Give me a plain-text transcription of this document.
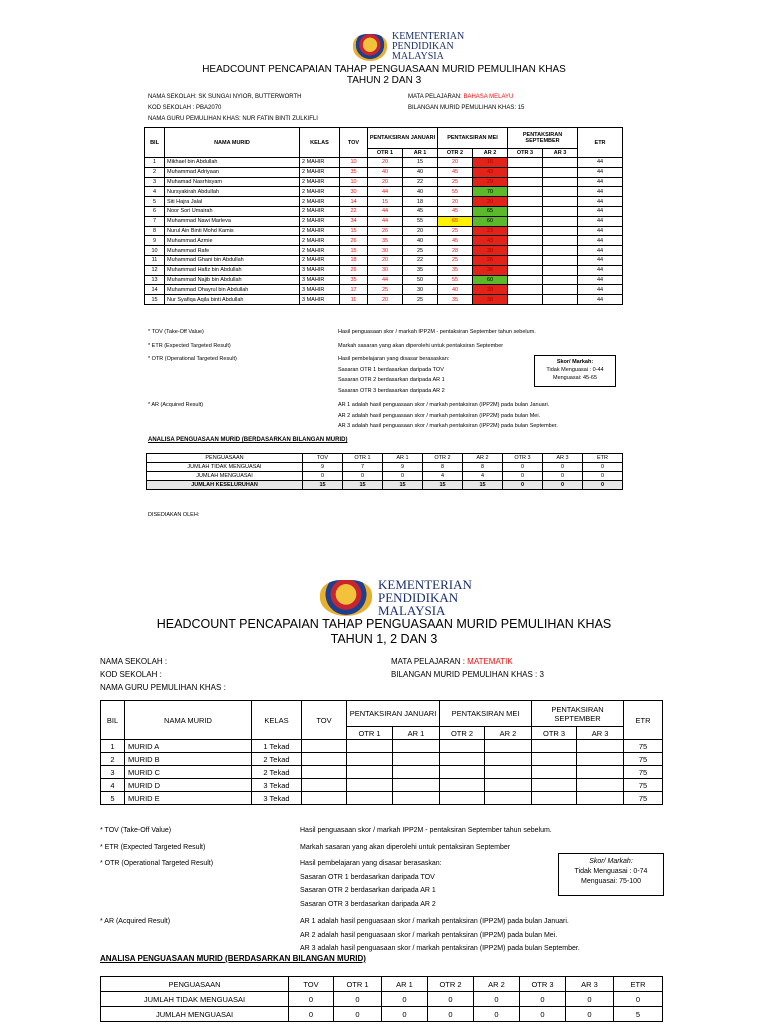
KEMENTERIAN
PENDIDIKAN
MALAYSIA
HEADCOUNT PENCAPAIAN TAHAP PENGUASAAN MURID PEMULIHAN KHAS
TAHUN 2 DAN 3
NAMA SEKOLAH: SK SUNGAI NYIOR, BUTTERWORTH
KOD SEKOLAH : PBA2070
NAMA GURU PEMULIHAN KHAS: NUR FATIN BINTI ZULKIFLI
MATA PELAJARAN: BAHASA MELAYU
BILANGAN MURID PEMULIHAN KHAS: 15
BIL	NAMA MURID	KELAS	TOV	PENTAKSIRAN JANUARI		PENTAKSIRAN MEI		PENTAKSIRAN SEPTEMBER		ETR
				OTR 1	AR 1	OTR 2	AR 2	OTR 3	AR 3	
1	Mikhael bin Abdullah	2 MAHIR	10	20	15	20	16			44
2	Muhammad Adriyaan	2 MAHIR	35	40	40	45	43			44
3	Muhamad Nasrhisyam	2 MAHIR	10	20	22	25	29			44
4	Nursyakirah Abdullah	2 MAHIR	30	44	40	55	70			44
5	Siti Hajra Jalal	2 MAHIR	14	15	18	20	20			44
6	Noor Sori Umairah	2 MAHIR	22	44	45	45	65			44
7	Muhammad Nawi Marleva	2 MAHIR	34	44	55	65	60			44
8	Nurul Ain Binti Mohd Kamis	2 MAHIR	15	26	20	25	23			44
9	Muhammad Azmie	2 MAHIR	26	35	40	45	43			44
10	Muhammad Rafe	2 MAHIR	15	30	25	28	30			44
11	Muhammad Ghani bin Abdullah	2 MAHIR	18	20	22	25	26			44
12	Muhammad Hafiz bin Abdullah	3 MAHIR	26	30	35	35	36			44
13	Muhammad Najib bin Abdullah	3 MAHIR	35	44	50	55	60			44
14	Muhammad Ohayrul bin Abdullah	3 MAHIR	17	25	30	40	38			44
15	Nur Syafiqa Aqila binti Abdullah	3 MAHIR	11	20	25	35	38			44
* TOV (Take-Off Value)	Hasil penguasaan skor / markah IPP2M - pentaksiran September tahun sebelum.
* ETR (Expected Targeted Result)	Markah sasaran yang akan diperolehi untuk pentaksiran September
* OTR (Operational Targeted Result)	Hasil pembelajaran yang disasar berasaskan:
Sasaran OTR 1 berdasarkan daripada TOV
Sasaran OTR 2 berdasarkan daripada AR 1
Sasaran OTR 3 berdasarkan daripada AR 2
* AR (Acquired Result)	AR 1 adalah hasil penguasaan skor / markah pentaksiran (IPP2M) pada bulan Januari.
AR 2 adalah hasil penguasaan skor / markah pentaksiran (IPP2M) pada bulan Mei.
AR 3 adalah hasil penguasaan skor / markah pentaksiran (IPP2M) pada bulan September.
Skor/ Markah:
Tidak Menguasai : 0-44
Menguasai: 45-65
ANALISA PENGUASAAN MURID (BERDASARKAN BILANGAN MURID)
PENGUASAAN	TOV	OTR 1	AR 1	OTR 2	AR 2	OTR 3	AR 3	ETR
JUMLAH TIDAK MENGUASAI	9	7	9	8	8	0	0	0
JUMLAH MENGUASAI	0	0	0	4	4	0	0	0
JUMLAH KESELURUHAN	15	15	15	15	15	0	0	0
DISEDIAKAN OLEH:
KEMENTERIAN
PENDIDIKAN
MALAYSIA
HEADCOUNT PENCAPAIAN TAHAP PENGUASAAN MURID PEMULIHAN KHAS
TAHUN 1, 2 DAN 3
NAMA SEKOLAH :
KOD SEKOLAH :
NAMA GURU PEMULIHAN KHAS :
MATA PELAJARAN : MATEMATIK
BILANGAN MURID PEMULIHAN KHAS : 3
BIL	NAMA MURID	KELAS	TOV	PENTAKSIRAN JANUARI		PENTAKSIRAN MEI		PENTAKSIRAN SEPTEMBER		ETR
				OTR 1	AR 1	OTR 2	AR 2	OTR 3	AR 3	
1	MURID A	1 Tekad								75
2	MURID B	2 Tekad								75
3	MURID C	2 Tekad								75
4	MURID D	3 Tekad								75
5	MURID E	3 Tekad								75
* TOV (Take-Off Value)	Hasil penguasaan skor / markah IPP2M - pentaksiran September tahun sebelum.
* ETR (Expected Targeted Result)	Markah sasaran yang akan diperolehi untuk pentaksiran September
* OTR (Operational Targeted Result)	Hasil pembelajaran yang disasar berasaskan:
Sasaran OTR 1 berdasarkan daripada TOV
Sasaran OTR 2 berdasarkan daripada AR 1
Sasaran OTR 3 berdasarkan daripada AR 2
* AR (Acquired Result)	AR 1 adalah hasil penguasaan skor / markah pentaksiran (IPP2M) pada bulan Januari.
AR 2 adalah hasil penguasaan skor / markah pentaksiran (IPP2M) pada bulan Mei.
AR 3 adalah hasil penguasaan skor / markah pentaksiran (IPP2M) pada bulan September.
Skor/ Markah:
Tidak Menguasai : 0-74
Menguasai: 75-100
ANALISA PENGUASAAN MURID (BERDASARKAN BILANGAN MURID)
PENGUASAAN	TOV	OTR 1	AR 1	OTR 2	AR 2	OTR 3	AR 3	ETR
JUMLAH TIDAK MENGUASAI	0	0	0	0	0	0	0	0
JUMLAH MENGUASAI	0	0	0	0	0	0	0	5
